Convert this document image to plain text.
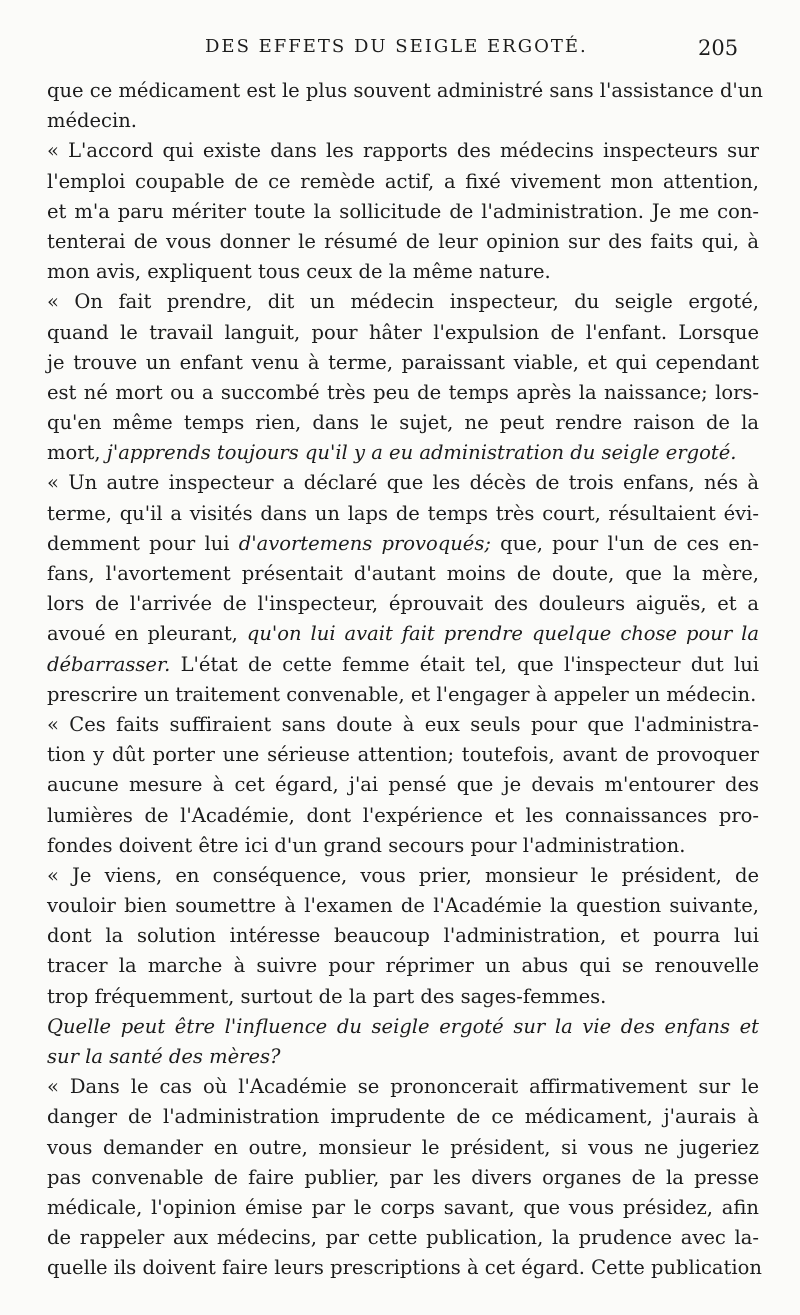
DES EFFETS DU SEIGLE ERGOTÉ.	205
que ce médicament est le plus souvent administré sans l'assistance d'un
médecin.
« L'accord qui existe dans les rapports des médecins inspecteurs sur
l'emploi coupable de ce remède actif, a fixé vivement mon attention,
et m'a paru mériter toute la sollicitude de l'administration. Je me con-
tenterai de vous donner le résumé de leur opinion sur des faits qui, à
mon avis, expliquent tous ceux de la même nature.
« On fait prendre, dit un médecin inspecteur, du seigle ergoté,
quand le travail languit, pour hâter l'expulsion de l'enfant. Lorsque
je trouve un enfant venu à terme, paraissant viable, et qui cependant
est né mort ou a succombé très peu de temps après la naissance; lors-
qu'en même temps rien, dans le sujet, ne peut rendre raison de la
mort, j'apprends toujours qu'il y a eu administration du seigle ergoté.
« Un autre inspecteur a déclaré que les décès de trois enfans, nés à
terme, qu'il a visités dans un laps de temps très court, résultaient évi-
demment pour lui d'avortemens provoqués; que, pour l'un de ces en-
fans, l'avortement présentait d'autant moins de doute, que la mère,
lors de l'arrivée de l'inspecteur, éprouvait des douleurs aiguës, et a
avoué en pleurant, qu'on lui avait fait prendre quelque chose pour la
débarrasser. L'état de cette femme était tel, que l'inspecteur dut lui
prescrire un traitement convenable, et l'engager à appeler un médecin.
« Ces faits suffiraient sans doute à eux seuls pour que l'administra-
tion y dût porter une sérieuse attention; toutefois, avant de provoquer
aucune mesure à cet égard, j'ai pensé que je devais m'entourer des
lumières de l'Académie, dont l'expérience et les connaissances pro-
fondes doivent être ici d'un grand secours pour l'administration.
« Je viens, en conséquence, vous prier, monsieur le président, de
vouloir bien soumettre à l'examen de l'Académie la question suivante,
dont la solution intéresse beaucoup l'administration, et pourra lui
tracer la marche à suivre pour réprimer un abus qui se renouvelle
trop fréquemment, surtout de la part des sages-femmes.
Quelle peut être l'influence du seigle ergoté sur la vie des enfans et
sur la santé des mères?
« Dans le cas où l'Académie se prononcerait affirmativement sur le
danger de l'administration imprudente de ce médicament, j'aurais à
vous demander en outre, monsieur le président, si vous ne jugeriez
pas convenable de faire publier, par les divers organes de la presse
médicale, l'opinion émise par le corps savant, que vous présidez, afin
de rappeler aux médecins, par cette publication, la prudence avec la-
quelle ils doivent faire leurs prescriptions à cet égard. Cette publication
